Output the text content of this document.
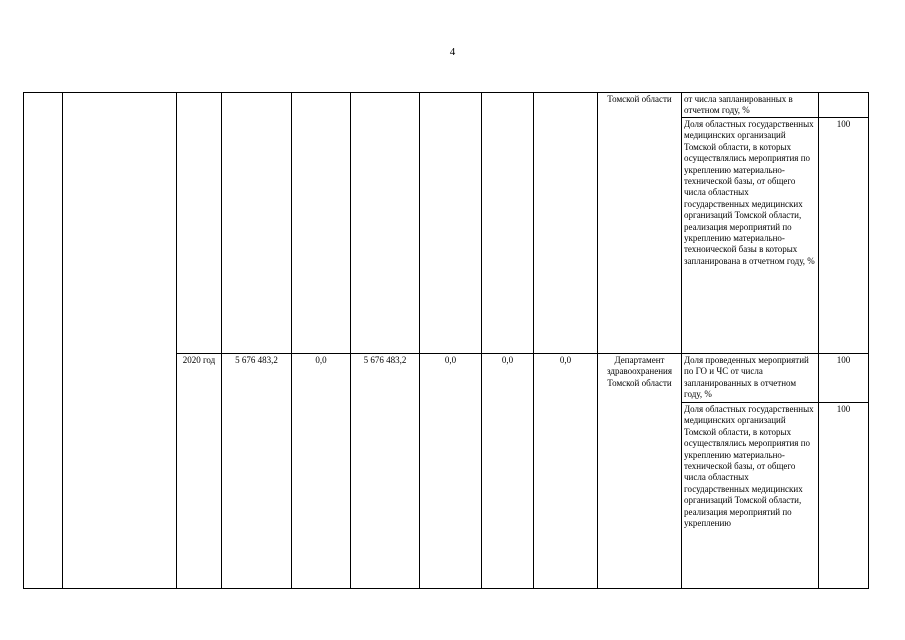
4
									Томской области	от числа запланированных в отчетном году, %	
										Доля областных государственных медицинских организаций Томской области, в которых осуществлялись мероприятия по укреплению материально-технической базы, от общего числа областных государственных медицинских организаций Томской области, реализация мероприятий по укреплению материально-техноической базы в которых запланирована в отчетном году, %	100
		2020 год	5 676 483,2	0,0	5 676 483,2	0,0	0,0	0,0	Департамент здравоохранения Томской области	Доля проведенных мероприятий по ГО и ЧС от числа запланированных в отчетном году, %	100
										Доля областных государственных медицинских организаций Томской области, в которых осуществлялись мероприятия по укреплению материально-технической базы, от общего числа областных государственных медицинских организаций Томской области, реализация мероприятий по укреплению	100
